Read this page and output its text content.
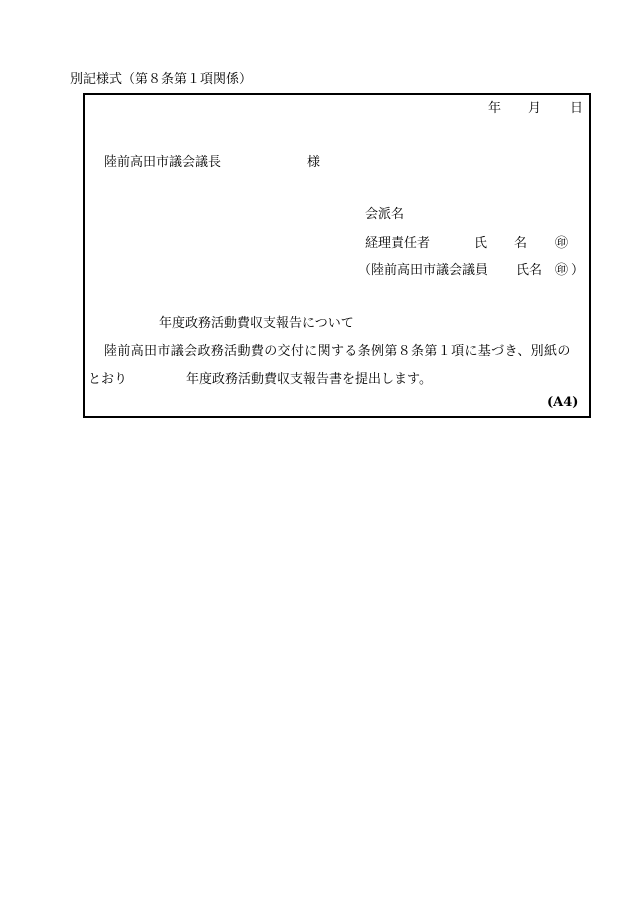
別記様式（第８条第１項関係）
年 月 日
陸前高田市議会議長	様
会派名
経理責任者	氏 名 ㊞
（陸前高田市議会議員 氏名 ㊞ ）
年度政務活動費収支報告について
陸前高田市議会政務活動費の交付に関する条例第８条第１項に基づき、別紙の
とおり	年度政務活動費収支報告書を提出します。
(A4)
